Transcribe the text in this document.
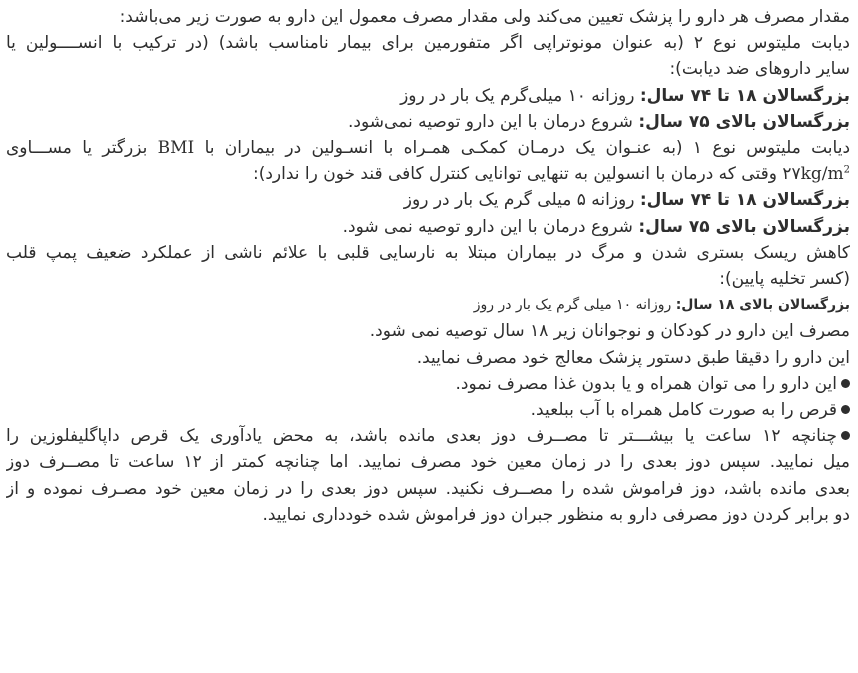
مقدار مصرف هر دارو را پزشک تعیین می‌کند ولی مقدار مصرف معمول این دارو به صورت زیر می‌باشد:
دیابت ملیتوس نوع ۲ (به عنوان مونوتراپی اگر متفورمین برای بیمار نامناسب باشد) (در ترکیب با انســــولین یا
سایر داروهای ضد دیابت):
بزرگسالان ۱۸ تا ۷۴ سال: روزانه ۱۰ میلی‌گرم یک بار در روز
بزرگسالان بالای ۷۵ سال: شروع درمان با این دارو توصیه نمی‌شود.
دیابت ملیتوس نوع ۱ (به عنـوان یک درمـان کمکـی همـراه با انسـولین در بیماران با BMI بزرگتر یا مســـاوی
$۲۷kg/m^2$ وقتی که درمان با انسولین به تنهایی توانایی کنترل کافی قند خون را ندارد):
بزرگسالان ۱۸ تا ۷۴ سال: روزانه ۵ میلی گرم یک بار در روز
بزرگسالان بالای ۷۵ سال: شروع درمان با این دارو توصیه نمی شود.
کاهش ریسک بستری شدن و مرگ در بیماران مبتلا به نارسایی قلبی با علائم ناشی از عملکرد ضعیف پمپ قلب
(کسر تخلیه پایین):
بزرگسالان بالای ۱۸ سال: روزانه ۱۰ میلی گرم یک بار در روز
مصرف این دارو در کودکان و نوجوانان زیر ۱۸ سال توصیه نمی شود.
این دارو را دقیقا طبق دستور پزشک معالج خود مصرف نمایید.
این دارو را می توان همراه و یا بدون غذا مصرف نمود.
قرص را به صورت کامل همراه با آب ببلعید.
چنانچه ۱۲ ساعت یا بیشـــتر تا مصــرف دوز بعدی مانده باشد، به محض یادآوری یک قرص داپاگلیفلوزین را
میل نمایید. سپس دوز بعدی را در زمان معین خود مصرف نمایید. اما چنانچه کمتر از ۱۲ ساعت تا مصــرف دوز
بعدی مانده باشد، دوز فراموش شده را مصــرف نکنید. سپس دوز بعدی را در زمان معین خود مصـرف نموده و از
دو برابر کردن دوز مصرفی دارو به منظور جبران دوز فراموش شده خودداری نمایید.
